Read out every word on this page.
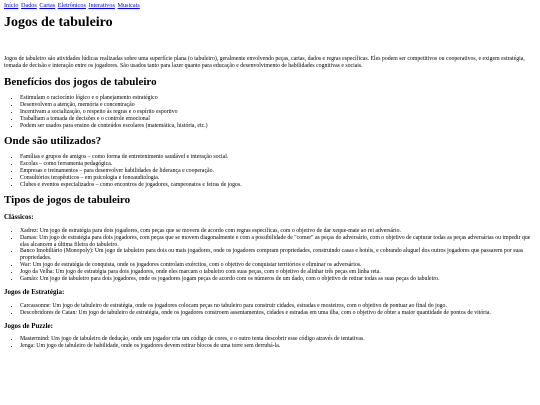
Início Dados Cartas Eletrônicos Interativos Musicais
Jogos de tabuleiro

Jogos de tabuleiro são atividades lúdicas realizadas sobre uma superfície plana (o tabuleiro), geralmente envolvendo peças, cartas, dados e regras específicas. Eles podem ser competitivos ou cooperativos, e exigem estratégia, tomada de decisão e interação entre os jogadores. São usados tanto para lazer quanto para educação e desenvolvimento de habilidades cognitivas e sociais.

Benefícios dos jogos de tabuleiro
• Estimulam o raciocínio lógico e o planejamento estratégico
• Desenvolvem a atenção, memória e concentração
• Incentivam a socialização, o respeito às regras e o espírito esportivo
• Trabalham a tomada de decisões e o controle emocional
• Podem ser usados para ensino de conteúdos escolares (matemática, história, etc.)
Onde são utilizados?
• Famílias e grupos de amigos – como forma de entretenimento saudável e interação social.
• Escolas – como ferramenta pedagógica.
• Empresas e treinamentos – para desenvolver habilidades de liderança e cooperação.
• Consultórios terapêuticos – em psicologia e fonoaudiologia.
• Clubes e eventos especializados – como encontros de jogadores, campeonatos e feiras de jogos.
Tipos de jogos de tabuleiro
Clássicos:
• Xadrez: Um jogo de estratégia para dois jogadores, com peças que se movem de acordo com regras específicas, com o objetivo de dar xeque-mate ao rei adversário.
• Damas: Um jogo de estratégia para dois jogadores, com peças que se movem diagonalmente e com a possibilidade de "comer" as peças do adversário, com o objetivo de capturar todas as peças adversárias ou impedir que elas alcancem a última fileira do tabuleiro.
• Banco Imobiliário (Monopoly): Um jogo de tabuleiro para dois ou mais jogadores, onde os jogadores compram propriedades, construindo casas e hotéis, e cobrando aluguel dos outros jogadores que passarem por suas propriedades.
• War: Um jogo de estratégia de conquista, onde os jogadores controlam exércitos, com o objetivo de conquistar territórios e eliminar os adversários.
• Jogo da Velha: Um jogo de estratégia para dois jogadores, onde eles marcam o tabuleiro com suas peças, com o objetivo de alinhar três peças em linha reta.
• Gamão: Um jogo de tabuleiro para dois jogadores, onde os jogadores jogam peças de acordo com os números de um dado, com o objetivo de retirar todas as suas peças do tabuleiro.
Jogos de Estratégia:
• Carcassonne: Um jogo de tabuleiro de estratégia, onde os jogadores colocam peças no tabuleiro para construir cidades, estradas e mosteiros, com o objetivo de pontuar ao final do jogo.
• Descobridores de Catan: Um jogo de tabuleiro de estratégia, onde os jogadores constroem assentamentos, cidades e estradas em uma ilha, com o objetivo de obter a maior quantidade de pontos de vitória.
Jogos de Puzzle:
• Mastermind: Um jogo de tabuleiro de dedução, onde um jogador cria um código de cores, e o outro tenta descobrir esse código através de tentativas.
• Jenga: Um jogo de tabuleiro de habilidade, onde os jogadores devem retirar blocos de uma torre sem derrubá-la.
